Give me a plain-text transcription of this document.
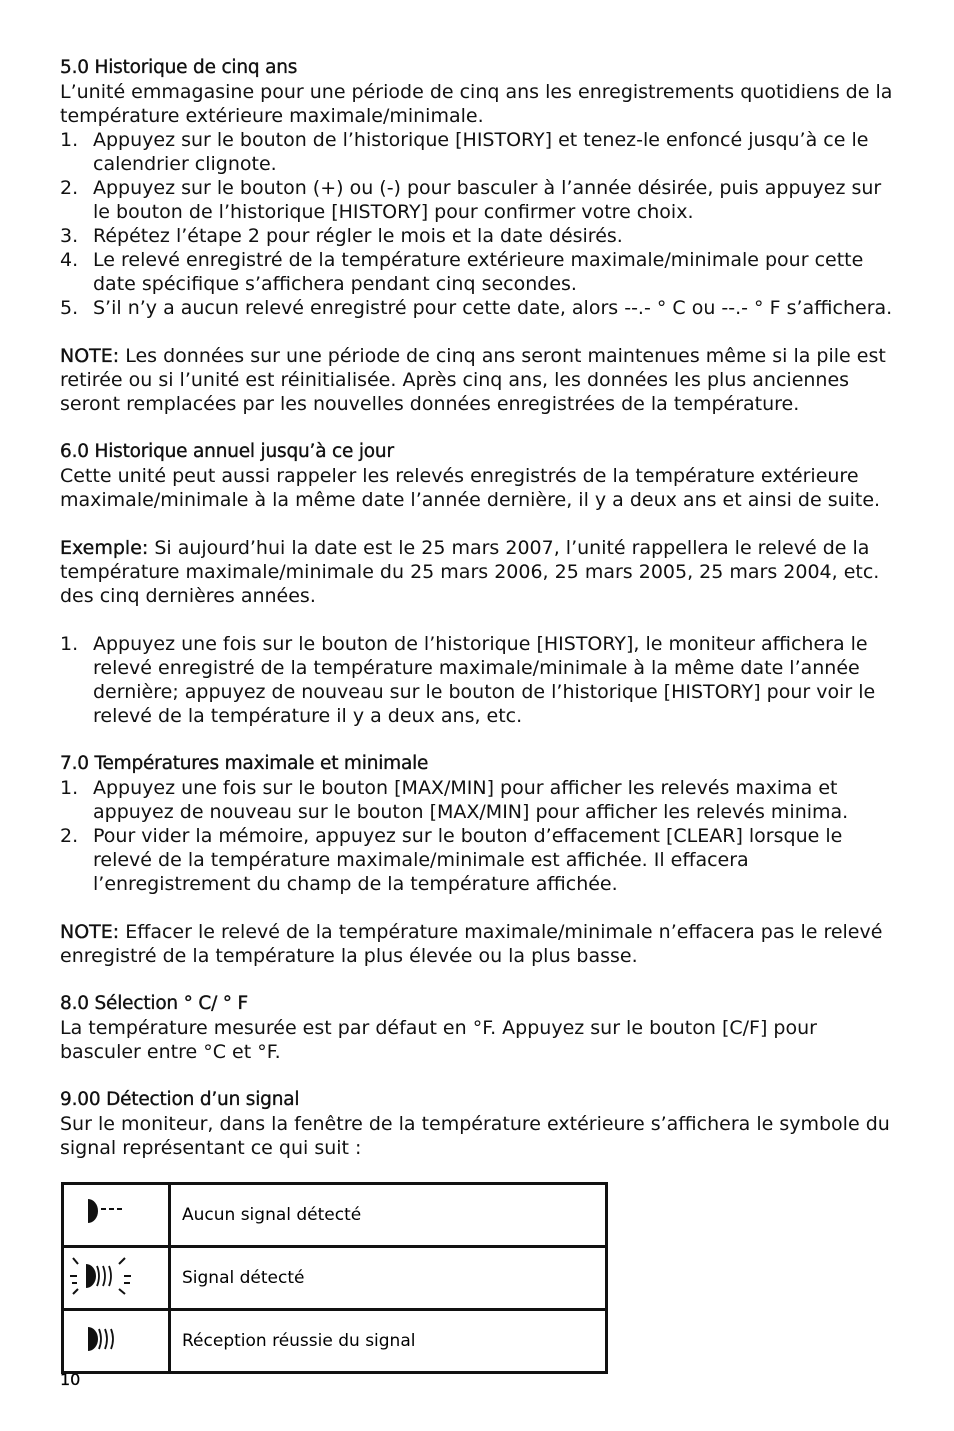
5.0 Historique de cinq ans

L’unité emmagasine pour une période de cinq ans les enregistrements quotidiens de la température extérieure maximale/minimale.

1. Appuyez sur le bouton de l’historique [HISTORY] et tenez-le enfoncé jusqu’à ce le calendrier clignote.
2. Appuyez sur le bouton (+) ou (-) pour basculer à l’année désirée, puis appuyez sur le bouton de l’historique [HISTORY] pour confirmer votre choix.
3. Répétez l’étape 2 pour régler le mois et la date désirés.
4. Le relevé enregistré de la température extérieure maximale/minimale pour cette date spécifique s’affichera pendant cinq secondes.
5. S’il n’y a aucun relevé enregistré pour cette date, alors --.- ° C ou --.- ° F s’affichera.

NOTE: Les données sur une période de cinq ans seront maintenues même si la pile est retirée ou si l’unité est réinitialisée. Après cinq ans, les données les plus anciennes seront remplacées par les nouvelles données enregistrées de la température.

6.0 Historique annuel jusqu’à ce jour

Cette unité peut aussi rappeler les relevés enregistrés de la température extérieure maximale/minimale à la même date l’année dernière, il y a deux ans et ainsi de suite.

Exemple: Si aujourd’hui la date est le 25 mars 2007, l’unité rappellera le relevé de la température maximale/minimale du 25 mars 2006, 25 mars 2005, 25 mars 2004, etc. des cinq dernières années.

1. Appuyez une fois sur le bouton de l’historique [HISTORY], le moniteur affichera le relevé enregistré de la température maximale/minimale à la même date l’année dernière; appuyez de nouveau sur le bouton de l’historique [HISTORY] pour voir le relevé de la température il y a deux ans, etc.
7.0 Températures maximale et minimale
1. Appuyez une fois sur le bouton [MAX/MIN] pour afficher les relevés maxima et appuyez de nouveau sur le bouton [MAX/MIN] pour afficher les relevés minima.
2. Pour vider la mémoire, appuyez sur le bouton d’effacement [CLEAR] lorsque le relevé de la température maximale/minimale est affichée. Il effacera l’enregistrement du champ de la température affichée.

NOTE: Effacer le relevé de la température maximale/minimale n’effacera pas le relevé enregistré de la température la plus élevée ou la plus basse.

8.0 Sélection ° C/ ° F

La température mesurée est par défaut en °F. Appuyez sur le bouton [C/F] pour basculer entre °C et °F.

9.00 Détection d’un signal

Sur le moniteur, dans la fenêtre de la température extérieure s’affichera le symbole du signal représentant ce qui suit :

	Aucun signal détecté
	Signal détecté
	Réception réussie du signal
10
